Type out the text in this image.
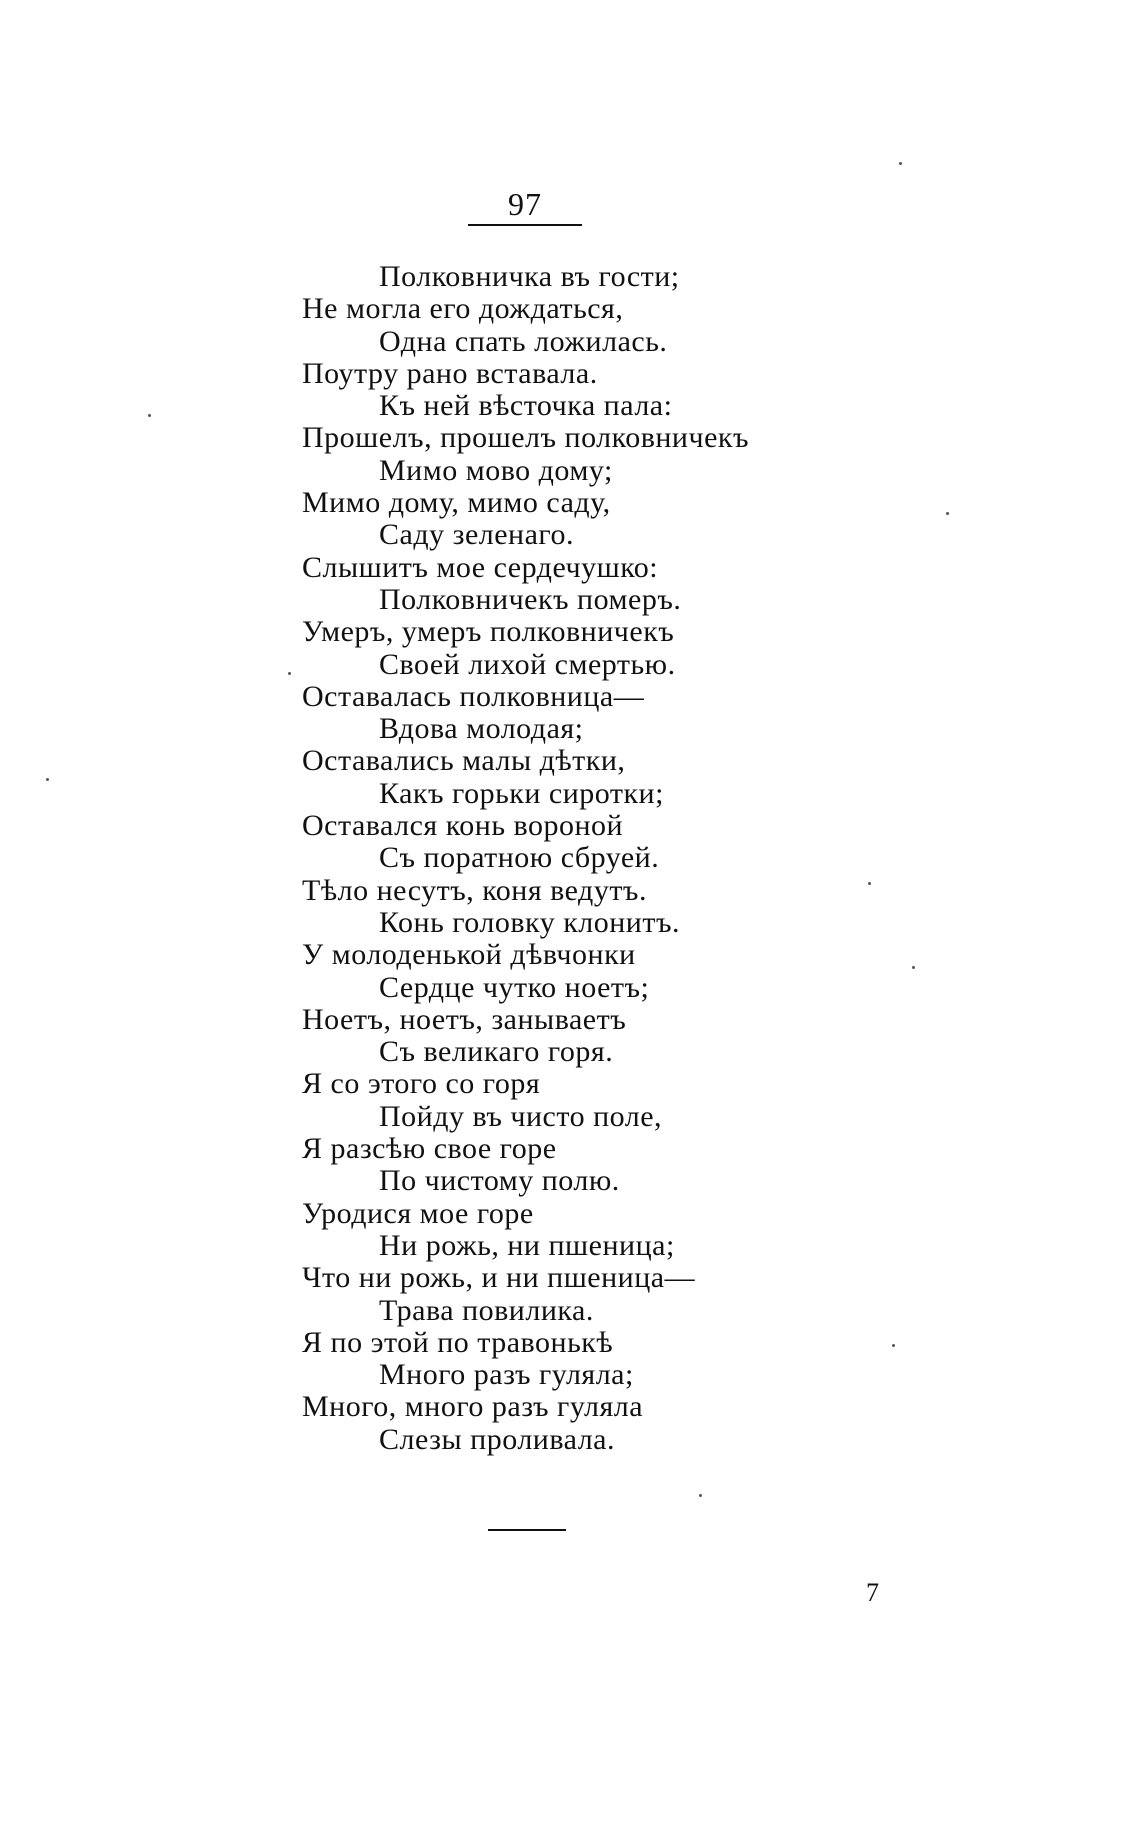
97
Полковничка въ гости;
Не могла его дождаться,
Одна спать ложилась.
Поутру рано вставала.
Къ ней вѣсточка пала:
Прошелъ, прошелъ полковничекъ
Мимо мово дому;
Мимо дому, мимо саду,
Саду зеленаго.
Слышитъ мое сердечушко:
Полковничекъ померъ.
Умеръ, умеръ полковничекъ
Своей лихой смертью.
Оставалась полковница—
Вдова молодая;
Оставались малы дѣтки,
Какъ горьки сиротки;
Оставался конь вороной
Съ поратною сбруей.
Тѣло несутъ, коня ведутъ.
Конь головку клонитъ.
У молоденькой дѣвчонки
Сердце чутко ноетъ;
Ноетъ, ноетъ, занываетъ
Съ великаго горя.
Я со этого со горя
Пойду въ чисто поле,
Я разсѣю свое горе
По чистому полю.
Уродися мое горе
Ни рожь, ни пшеница;
Что ни рожь, и ни пшеница—
Трава повилика.
Я по этой по травонькѣ
Много разъ гуляла;
Много, много разъ гуляла
Слезы проливала.
7
